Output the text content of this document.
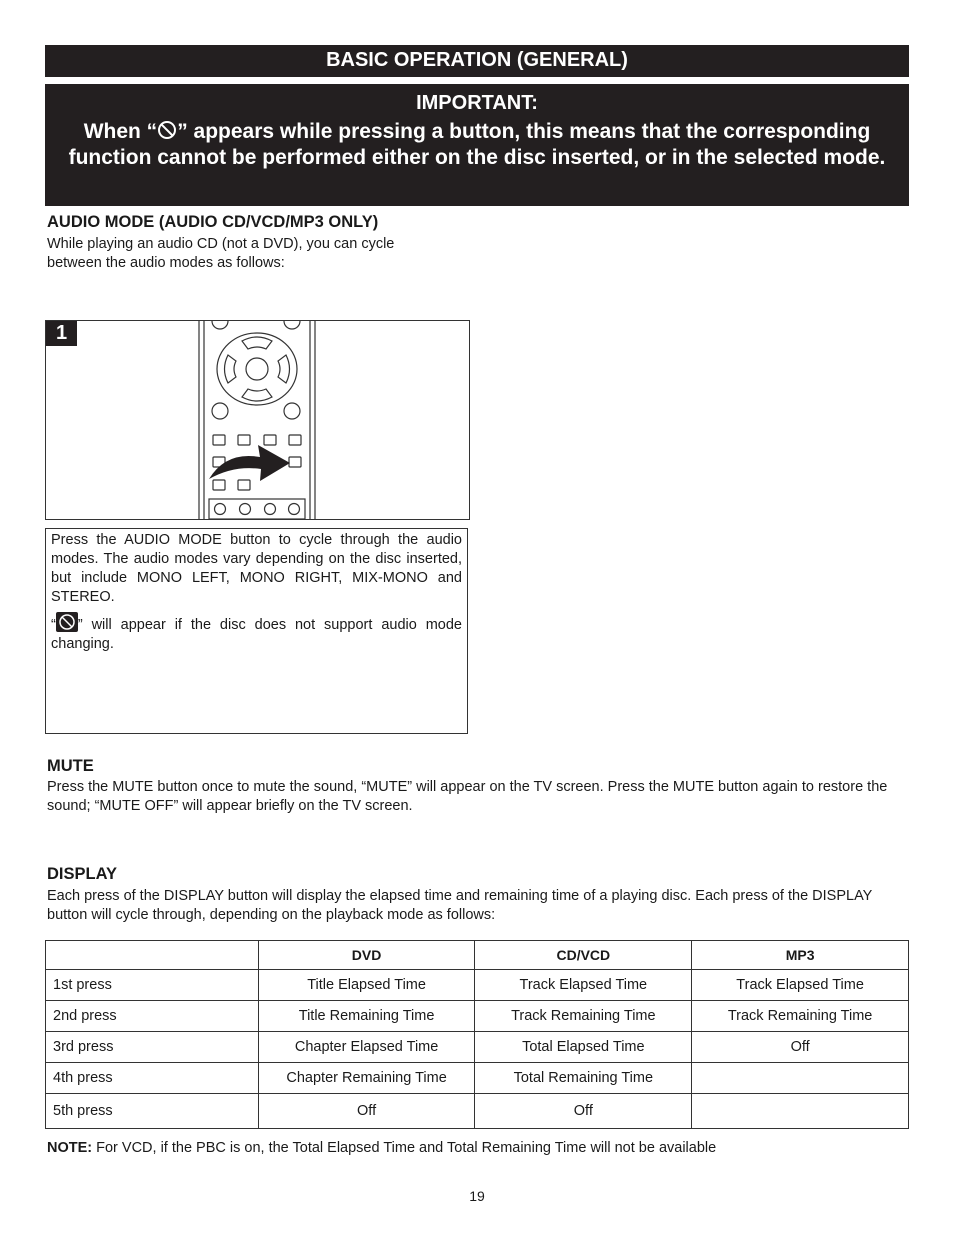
BASIC OPERATION (GENERAL)
IMPORTANT:
When “ ” appears while pressing a button, this means that the corresponding function cannot be performed either on the disc inserted, or in the selected mode.
AUDIO MODE (AUDIO CD/VCD/MP3 ONLY)
While playing an audio CD (not a DVD), you can cycle between the audio modes as follows:
1

Press the AUDIO MODE button to cycle through the audio modes. The audio modes vary depending on the disc inserted, but include MONO LEFT, MONO RIGHT, MIX-MONO and STEREO.

“ ” will appear if the disc does not support audio mode changing.

MUTE
Press the MUTE button once to mute the sound, “MUTE” will appear on the TV screen. Press the MUTE button again to restore the sound; “MUTE OFF” will appear briefly on the TV screen.
DISPLAY
Each press of the DISPLAY button will display the elapsed time and remaining time of a playing disc. Each press of the DISPLAY button will cycle through, depending on the playback mode as follows:
	DVD	CD/VCD	MP3
1st press	Title Elapsed Time	Track Elapsed Time	Track Elapsed Time
2nd press	Title Remaining Time	Track Remaining Time	Track Remaining Time
3rd press	Chapter Elapsed Time	Total Elapsed Time	Off
4th press	Chapter Remaining Time	Total Remaining Time	
5th press	Off	Off	
NOTE: For VCD, if the PBC is on, the Total Elapsed Time and Total Remaining Time will not be available
19
